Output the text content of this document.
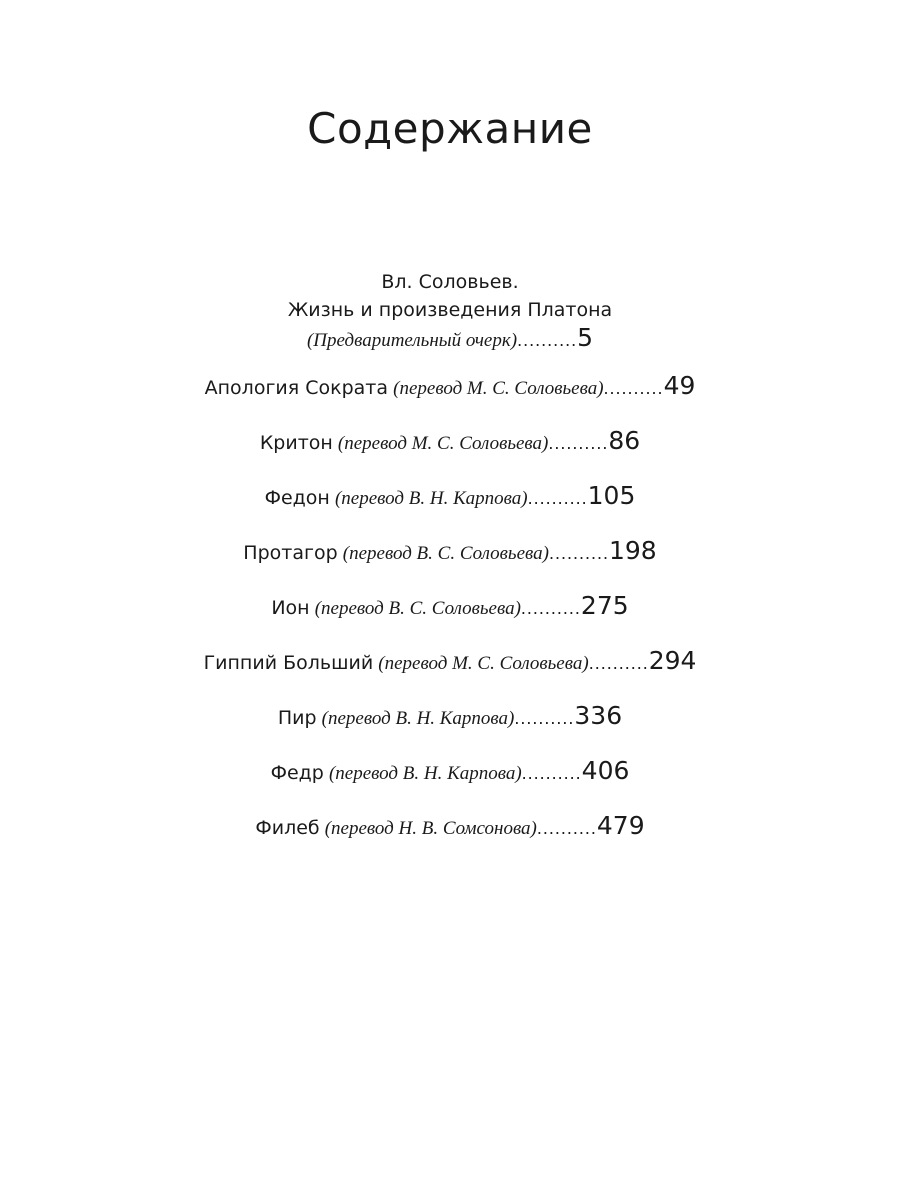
Содержание
Вл. Соловьев.
Жизнь и произведения Платона
(Предварительный очерк)..........5
Апология Сократа (перевод М. С. Соловьева)..........49
Критон (перевод М. С. Соловьева)..........86
Федон (перевод В. Н. Карпова)..........105
Протагор (перевод В. С. Соловьева)..........198
Ион (перевод В. С. Соловьева)..........275
Гиппий Больший (перевод М. С. Соловьева)..........294
Пир (перевод В. Н. Карпова)..........336
Федр (перевод В. Н. Карпова)..........406
Филеб (перевод Н. В. Сомсонова)..........479
